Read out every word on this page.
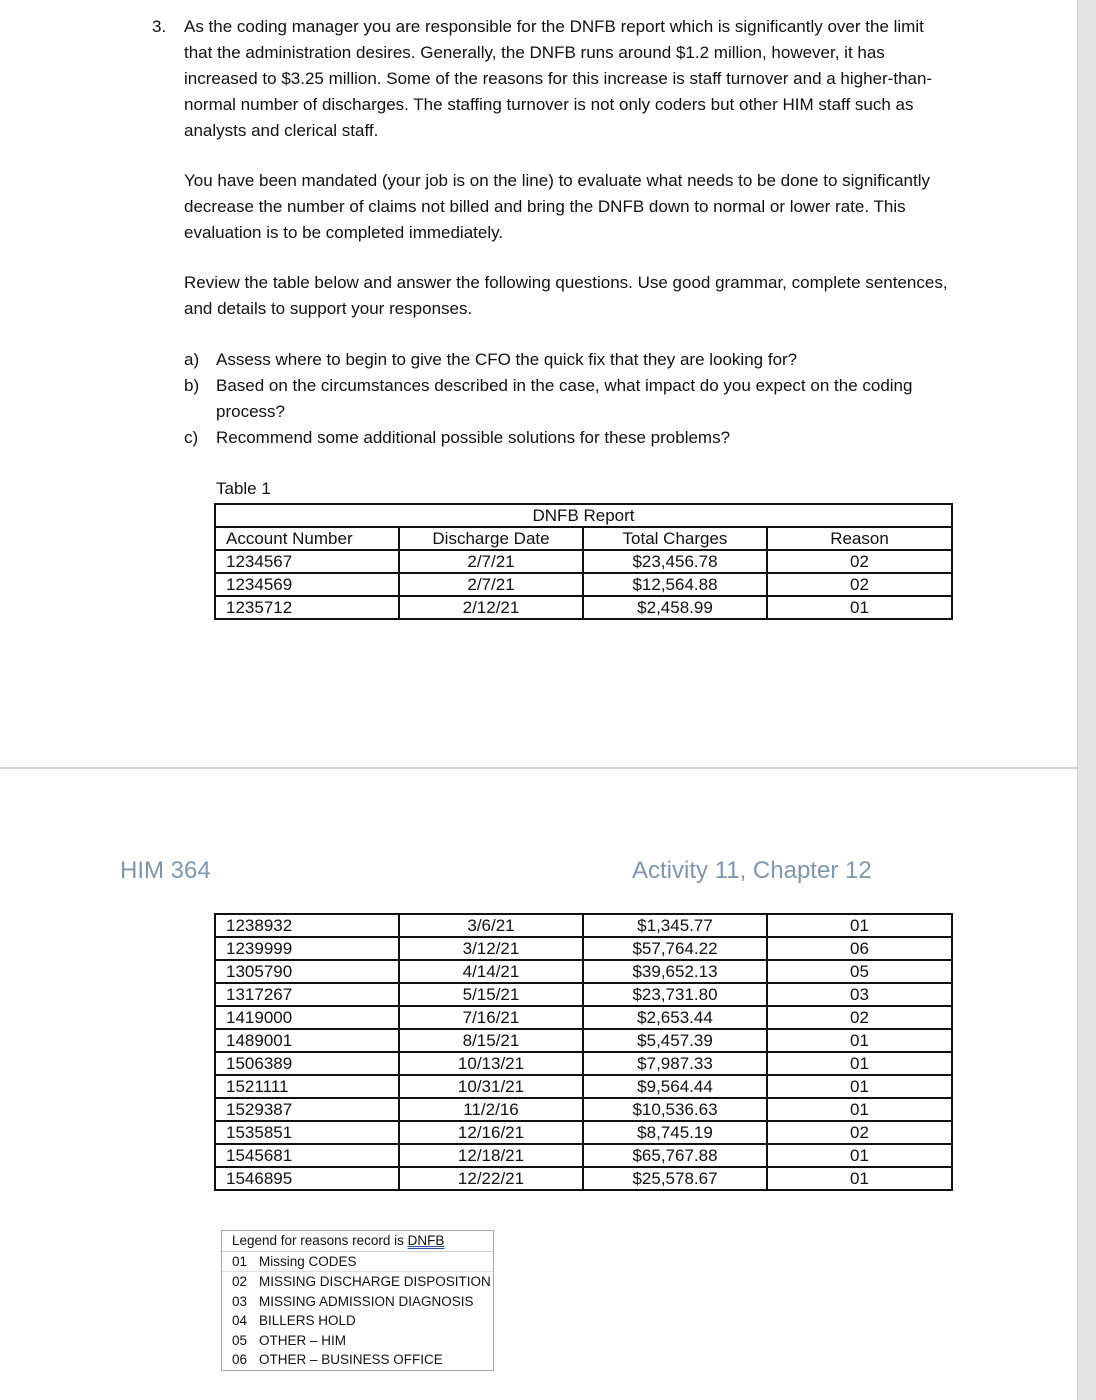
3. As the coding manager you are responsible for the DNFB report which is significantly over the limit that the administration desires. Generally, the DNFB runs around $1.2 million, however, it has increased to $3.25 million. Some of the reasons for this increase is staff turnover and a higher-than-normal number of discharges. The staffing turnover is not only coders but other HIM staff such as analysts and clerical staff.

You have been mandated (your job is on the line) to evaluate what needs to be done to significantly decrease the number of claims not billed and bring the DNFB down to normal or lower rate. This evaluation is to be completed immediately.

Review the table below and answer the following questions. Use good grammar, complete sentences, and details to support your responses.

a) Assess where to begin to give the CFO the quick fix that they are looking for?
b) Based on the circumstances described in the case, what impact do you expect on the coding process?
c) Recommend some additional possible solutions for these problems?
Table 1
DNFB Report			
Account Number	Discharge Date	Total Charges	Reason
1234567	2/7/21	$23,456.78	02
1234569	2/7/21	$12,564.88	02
1235712	2/12/21	$2,458.99	01
HIM 364	Activity 11, Chapter 12
1238932	3/6/21	$1,345.77	01
1239999	3/12/21	$57,764.22	06
1305790	4/14/21	$39,652.13	05
1317267	5/15/21	$23,731.80	03
1419000	7/16/21	$2,653.44	02
1489001	8/15/21	$5,457.39	01
1506389	10/13/21	$7,987.33	01
1521111	10/31/21	$9,564.44	01
1529387	11/2/16	$10,536.63	01
1535851	12/16/21	$8,745.19	02
1545681	12/18/21	$65,767.88	01
1546895	12/22/21	$25,578.67	01
Legend for reasons record is DNFB
01 Missing CODES
02 MISSING DISCHARGE DISPOSITION
03 MISSING ADMISSION DIAGNOSIS
04 BILLERS HOLD
05 OTHER – HIM
06 OTHER – BUSINESS OFFICE
